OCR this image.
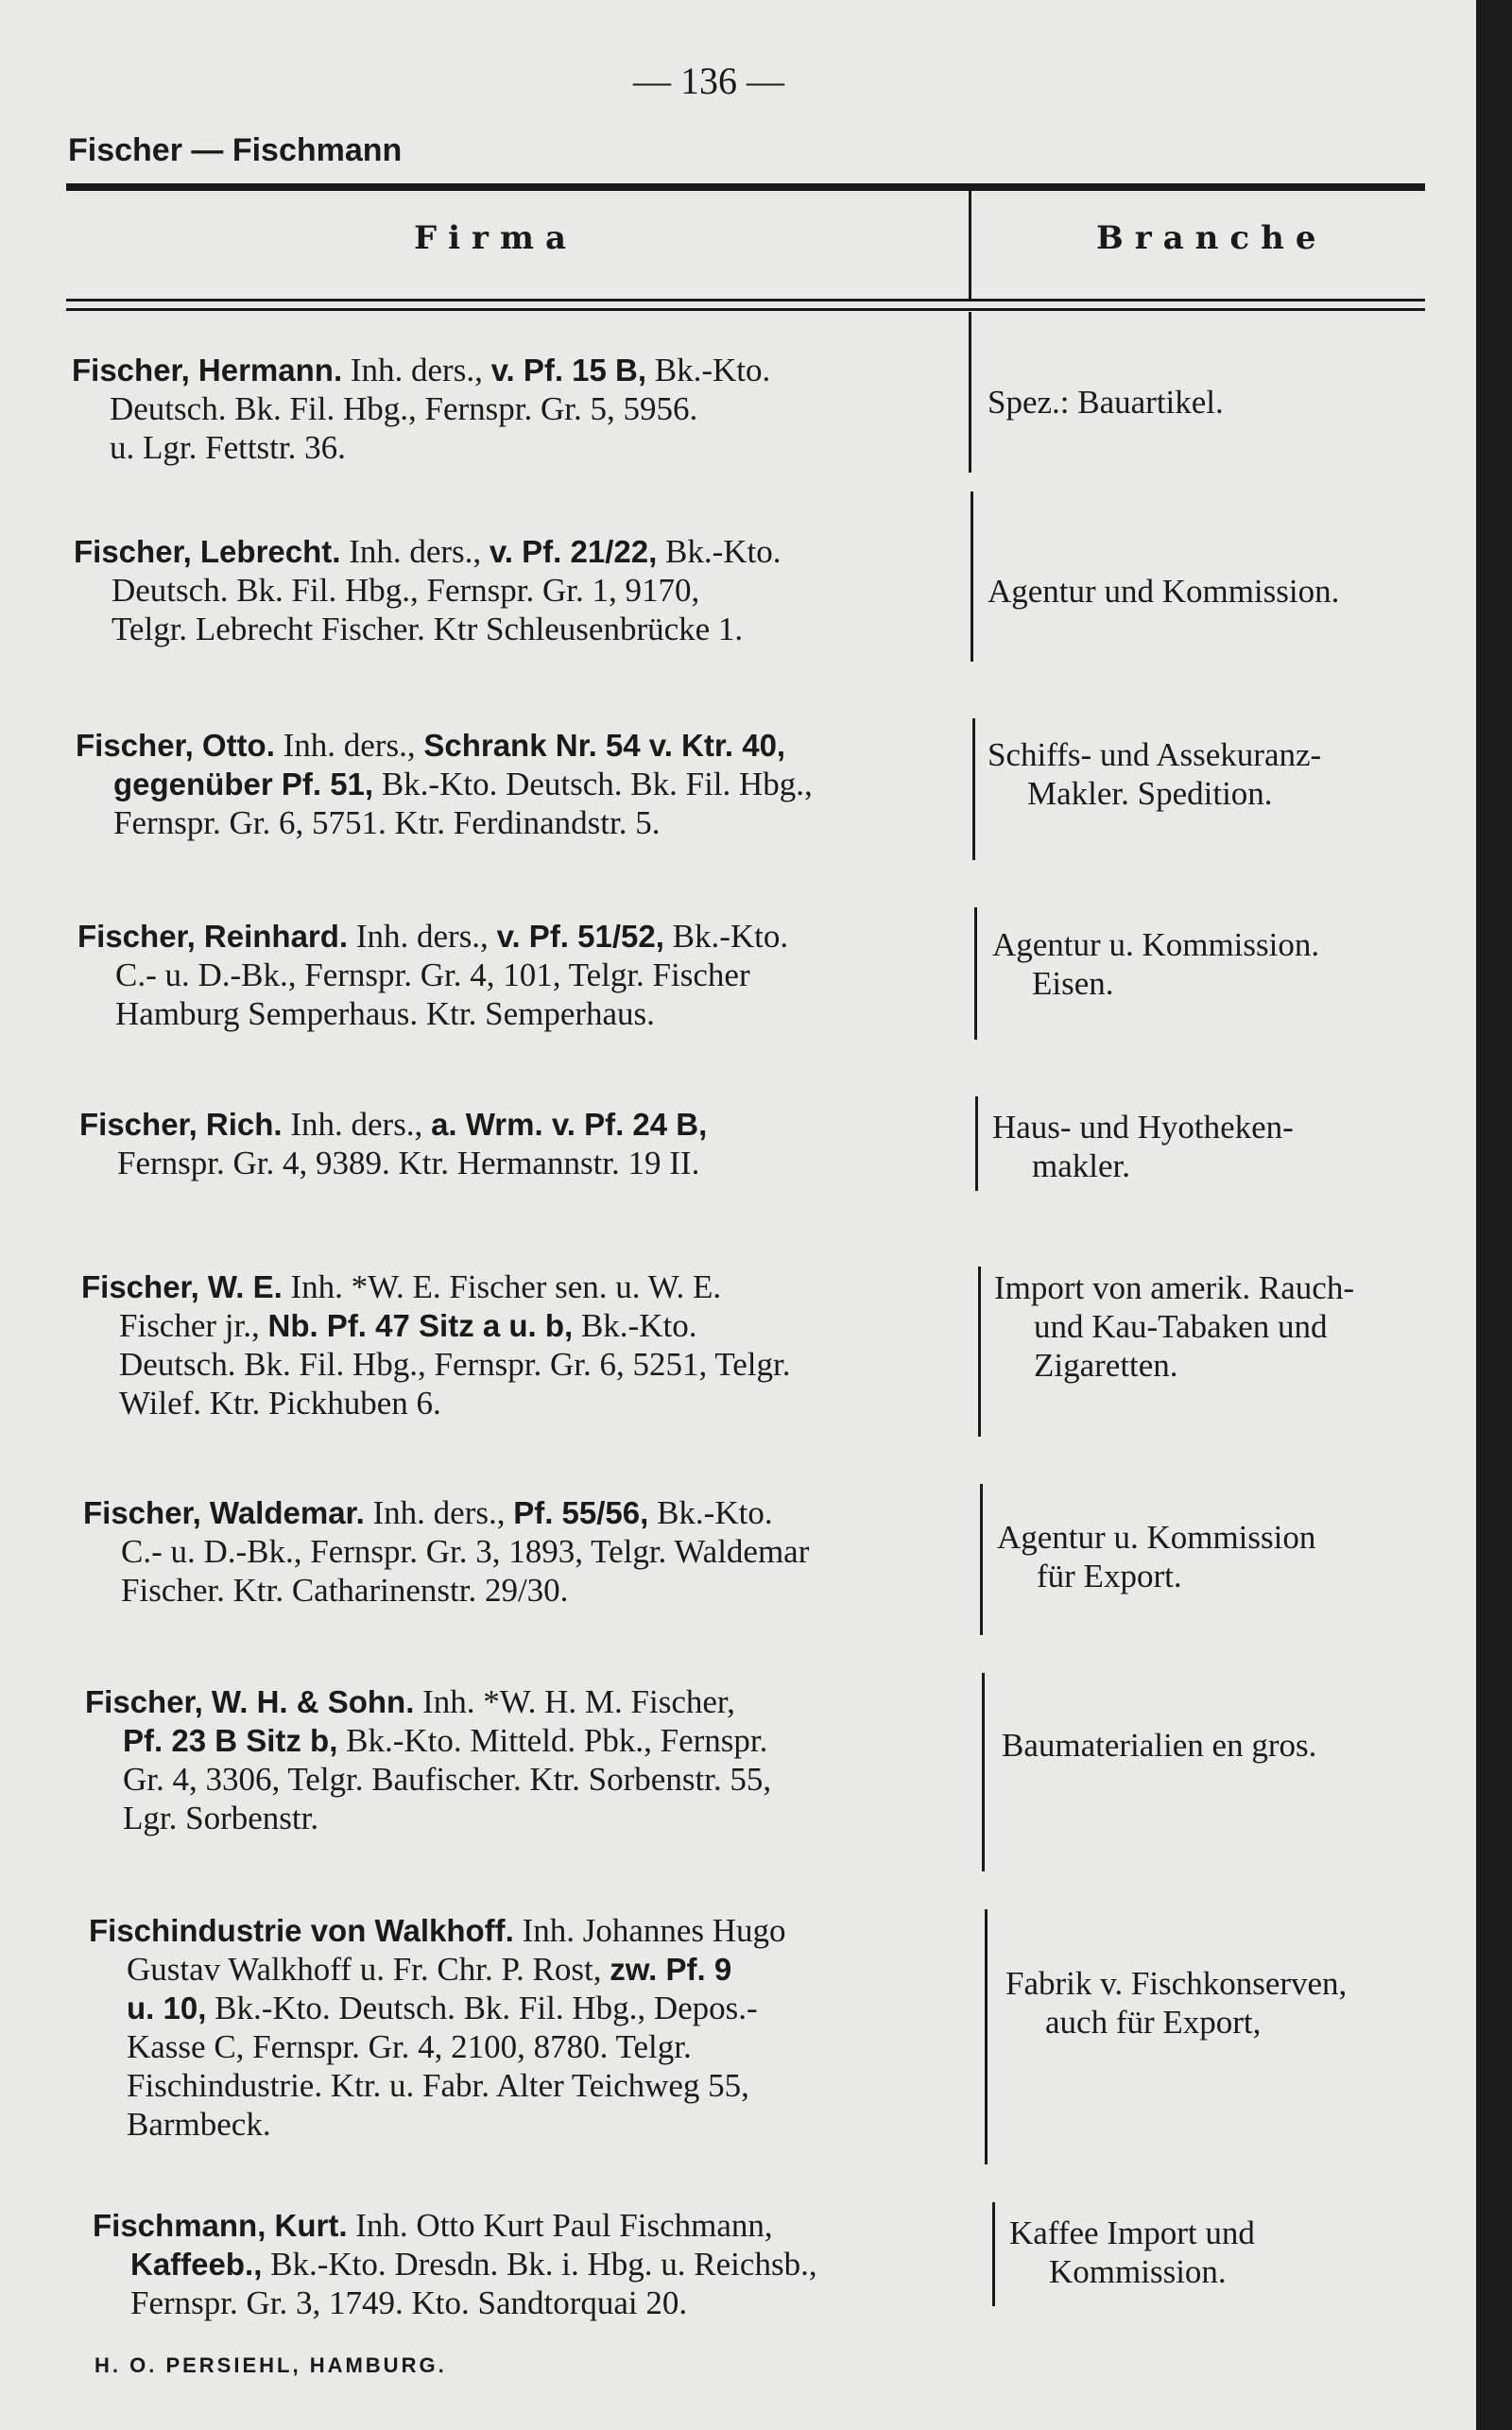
— 136 —
Fischer — Fischmann
Firma	Branche
Fischer, Hermann. Inh. ders., v. Pf. 15 B, Bk.-Kto.
Deutsch. Bk. Fil. Hbg., Fernspr. Gr. 5, 5956.
u. Lgr. Fettstr. 36.
Fischer, Lebrecht. Inh. ders., v. Pf. 21/22, Bk.-Kto.
Deutsch. Bk. Fil. Hbg., Fernspr. Gr. 1, 9170,
Telgr. Lebrecht Fischer. Ktr Schleusenbrücke 1.
Fischer, Otto. Inh. ders., Schrank Nr. 54 v. Ktr. 40,
gegenüber Pf. 51, Bk.-Kto. Deutsch. Bk. Fil. Hbg.,
Fernspr. Gr. 6, 5751. Ktr. Ferdinandstr. 5.
Fischer, Reinhard. Inh. ders., v. Pf. 51/52, Bk.-Kto.
C.- u. D.-Bk., Fernspr. Gr. 4, 101, Telgr. Fischer
Hamburg Semperhaus. Ktr. Semperhaus.
Fischer, Rich. Inh. ders., a. Wrm. v. Pf. 24 B,
Fernspr. Gr. 4, 9389. Ktr. Hermannstr. 19 II.
Fischer, W. E. Inh. *W. E. Fischer sen. u. W. E.
Fischer jr., Nb. Pf. 47 Sitz a u. b, Bk.-Kto.
Deutsch. Bk. Fil. Hbg., Fernspr. Gr. 6, 5251, Telgr.
Wilef. Ktr. Pickhuben 6.
Fischer, Waldemar. Inh. ders., Pf. 55/56, Bk.-Kto.
C.- u. D.-Bk., Fernspr. Gr. 3, 1893, Telgr. Waldemar
Fischer. Ktr. Catharinenstr. 29/30.
Fischer, W. H. & Sohn. Inh. *W. H. M. Fischer,
Pf. 23 B Sitz b, Bk.-Kto. Mitteld. Pbk., Fernspr.
Gr. 4, 3306, Telgr. Baufischer. Ktr. Sorbenstr. 55,
Lgr. Sorbenstr.
Fischindustrie von Walkhoff. Inh. Johannes Hugo
Gustav Walkhoff u. Fr. Chr. P. Rost, zw. Pf. 9
u. 10, Bk.-Kto. Deutsch. Bk. Fil. Hbg., Depos.-
Kasse C, Fernspr. Gr. 4, 2100, 8780. Telgr.
Fischindustrie. Ktr. u. Fabr. Alter Teichweg 55,
Barmbeck.
Fischmann, Kurt. Inh. Otto Kurt Paul Fischmann,
Kaffeeb., Bk.-Kto. Dresdn. Bk. i. Hbg. u. Reichsb.,
Fernspr. Gr. 3, 1749. Kto. Sandtorquai 20.
Spez.: Bauartikel.
Agentur und Kommission.
Schiffs- und Assekuranz-
Makler. Spedition.
Agentur u. Kommission.
Eisen.
Haus- und Hyotheken-
makler.
Import von amerik. Rauch-
und Kau-Tabaken und
Zigaretten.
Agentur u. Kommission
für Export.
Baumaterialien en gros.
Fabrik v. Fischkonserven,
auch für Export,
Kaffee Import und
Kommission.
H. O. PERSIEHL, HAMBURG.
